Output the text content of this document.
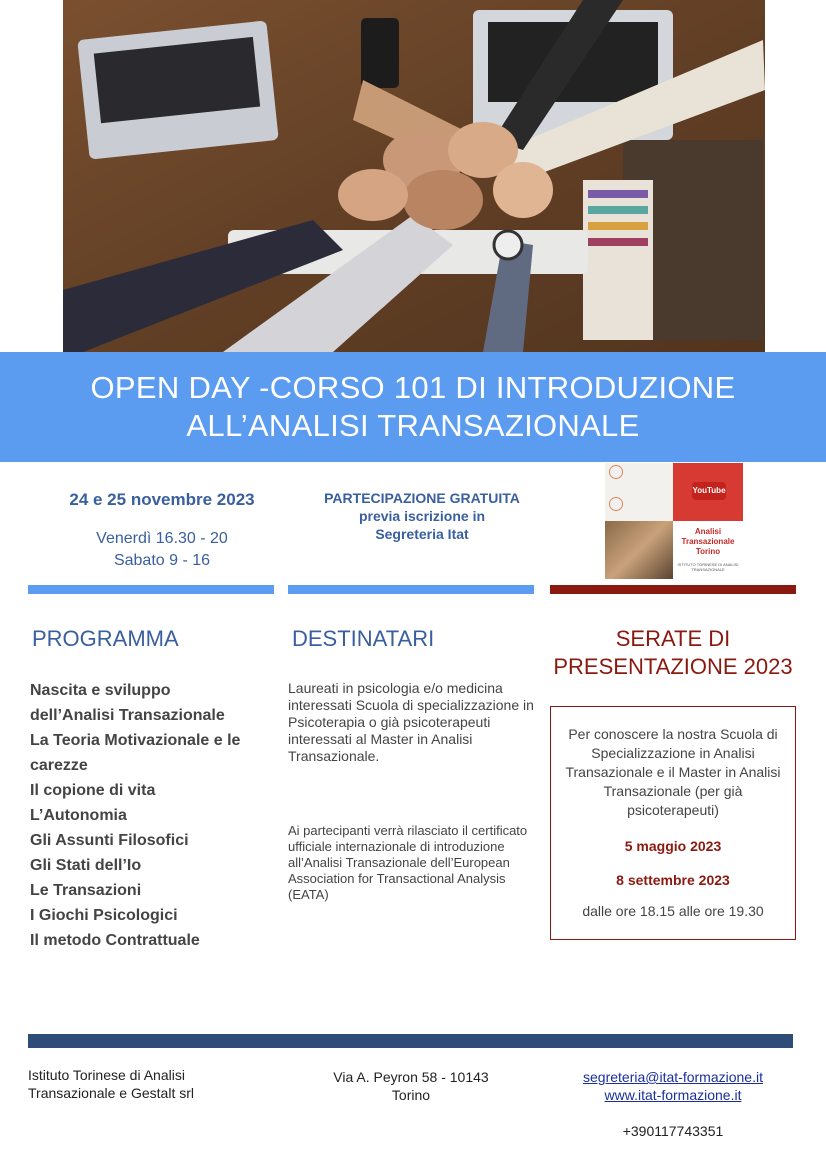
OPEN DAY -CORSO 101 DI INTRODUZIONE
ALL’ANALISI TRANSAZIONALE
24 e 25 novembre 2023
Venerdì 16.30 - 20
Sabato 9 - 16
PARTECIPAZIONE GRATUITA
previa iscrizione in
Segreteria Itat
YouTube
Analisi
Transazionale
Torino
ISTITUTO TORINESE DI ANALISI TRANSAZIONALE
PROGRAMMA	DESTINATARI	SERATE DI
PRESENTAZIONE 2023
Nascita e sviluppo
dell’Analisi Transazionale
La Teoria Motivazionale e le
carezze
Il copione di vita
L’Autonomia
Gli Assunti Filosofici
Gli Stati dell’Io
Le Transazioni
I Giochi Psicologici
Il metodo Contrattuale

Laureati in psicologia e/o medicina interessati Scuola di specializzazione in Psicoterapia o già psicoterapeuti interessati al Master in Analisi Transazionale.

Ai partecipanti verrà rilasciato il certificato ufficiale internazionale di introduzione all’Analisi Transazionale dell’European Association for Transactional Analysis (EATA)

Per conoscere la nostra Scuola di Specializzazione in Analisi Transazionale e il Master in Analisi Transazionale (per già psicoterapeuti)
5 maggio 2023
8 settembre 2023
dalle ore 18.15 alle ore 19.30
Istituto Torinese di Analisi
Transazionale e Gestalt srl
Via A. Peyron 58 - 10143
Torino
segreteria@itat-formazione.it
www.itat-formazione.it
+390117743351
